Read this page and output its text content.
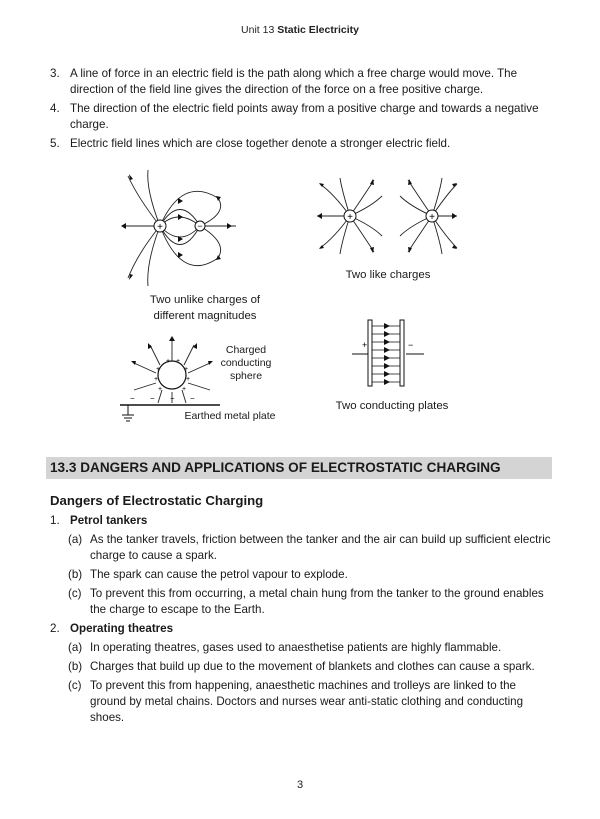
Unit 13 Static Electricity
3. A line of force in an electric field is the path along which a free charge would move. The direction of the field line gives the direction of the force on a free positive charge.
4. The direction of the electric field points away from a positive charge and towards a negative charge.
5. Electric field lines which are close together denote a stronger electric field.
+	−
Two unlike charges of different magnitudes
+	+
Two like charges
+ +
+	+
+	+
+	+
− − − −
Charged conducting sphere
Earthed metal plate
+	−
Two conducting plates
13.3 DANGERS AND APPLICATIONS OF ELECTROSTATIC CHARGING
Dangers of Electrostatic Charging
1. Petrol tankers
(a) As the tanker travels, friction between the tanker and the air can build up sufficient electric charge to cause a spark.
(b) The spark can cause the petrol vapour to explode.
(c) To prevent this from occurring, a metal chain hung from the tanker to the ground enables the charge to escape to the Earth.
2. Operating theatres
(a) In operating theatres, gases used to anaesthetise patients are highly flammable.
(b) Charges that build up due to the movement of blankets and clothes can cause a spark.
(c) To prevent this from happening, anaesthetic machines and trolleys are linked to the ground by metal chains. Doctors and nurses wear anti-static clothing and conducting shoes.
3
